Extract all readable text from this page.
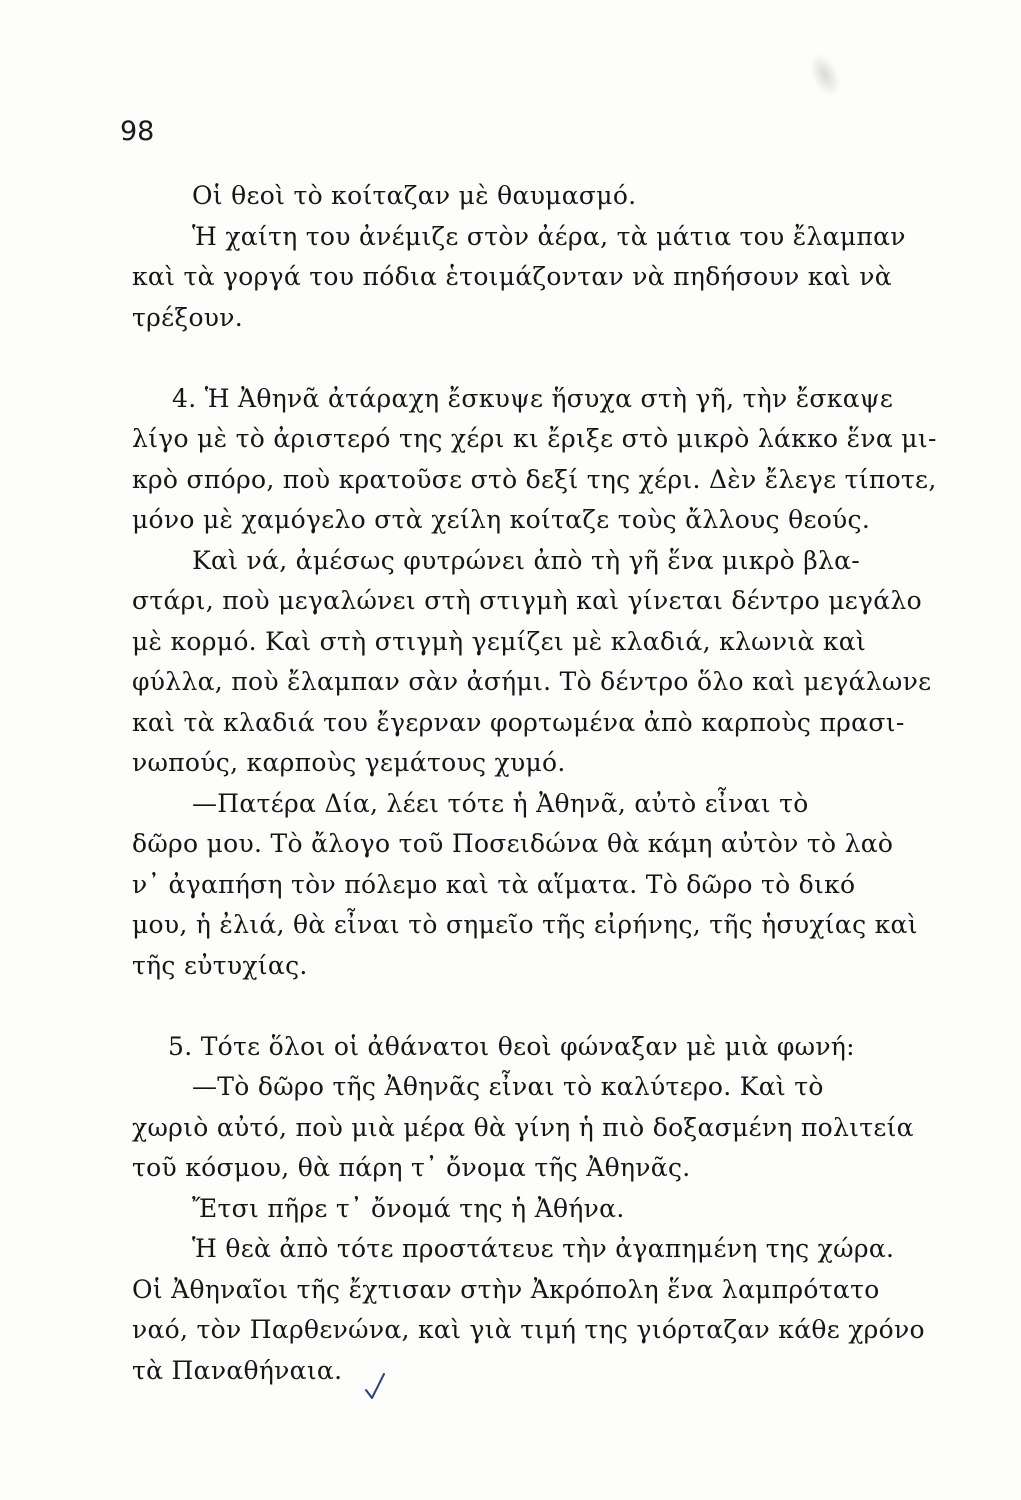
98
Οἱ θεοὶ τὸ κοίταζαν μὲ θαυμασμό.
Ἡ χαίτη του ἀνέμιζε στὸν ἀέρα, τὰ μάτια του ἔλαμπαν
καὶ τὰ γοργά του πόδια ἑτοιμάζονταν νὰ πηδήσουν καὶ νὰ
τρέξουν.
4. Ἡ Ἀθηνᾶ ἀτάραχη ἔσκυψε ἥσυχα στὴ γῆ, τὴν ἔσκαψε
λίγο μὲ τὸ ἀριστερό της χέρι κι ἔριξε στὸ μικρὸ λάκκο ἕνα μι-
κρὸ σπόρο, ποὺ κρατοῦσε στὸ δεξί της χέρι. Δὲν ἔλεγε τίποτε,
μόνο μὲ χαμόγελο στὰ χείλη κοίταζε τοὺς ἄλλους θεούς.
Καὶ νά, ἀμέσως φυτρώνει ἀπὸ τὴ γῆ ἕνα μικρὸ βλα-
στάρι, ποὺ μεγαλώνει στὴ στιγμὴ καὶ γίνεται δέντρο μεγάλο
μὲ κορμό. Καὶ στὴ στιγμὴ γεμίζει μὲ κλαδιά, κλωνιὰ καὶ
φύλλα, ποὺ ἔλαμπαν σὰν ἀσήμι. Τὸ δέντρο ὅλο καὶ μεγάλωνε
καὶ τὰ κλαδιά του ἔγερναν φορτωμένα ἀπὸ καρποὺς πρασι-
νωπούς, καρποὺς γεμάτους χυμό.
—Πατέρα Δία, λέει τότε ἡ Ἀθηνᾶ, αὐτὸ εἶναι τὸ
δῶρο μου. Τὸ ἄλογο τοῦ Ποσειδώνα θὰ κάμη αὐτὸν τὸ λαὸ
ν᾿ ἀγαπήση τὸν πόλεμο καὶ τὰ αἵματα. Τὸ δῶρο τὸ δικό
μου, ἡ ἐλιά, θὰ εἶναι τὸ σημεῖο τῆς εἰρήνης, τῆς ἡσυχίας καὶ
τῆς εὐτυχίας.
5. Τότε ὅλοι οἱ ἀθάνατοι θεοὶ φώναξαν μὲ μιὰ φωνή:
—Τὸ δῶρο τῆς Ἀθηνᾶς εἶναι τὸ καλύτερο. Καὶ τὸ
χωριὸ αὐτό, ποὺ μιὰ μέρα θὰ γίνη ἡ πιὸ δοξασμένη πολιτεία
τοῦ κόσμου, θὰ πάρη τ᾿ ὄνομα τῆς Ἀθηνᾶς.
Ἔτσι πῆρε τ᾿ ὄνομά της ἡ Ἀθήνα.
Ἡ θεὰ ἀπὸ τότε προστάτευε τὴν ἀγαπημένη της χώρα.
Οἱ Ἀθηναῖοι τῆς ἔχτισαν στὴν Ἀκρόπολη ἕνα λαμπρότατο
ναό, τὸν Παρθενώνα, καὶ γιὰ τιμή της γιόρταζαν κάθε χρόνο
τὰ Παναθήναια.
